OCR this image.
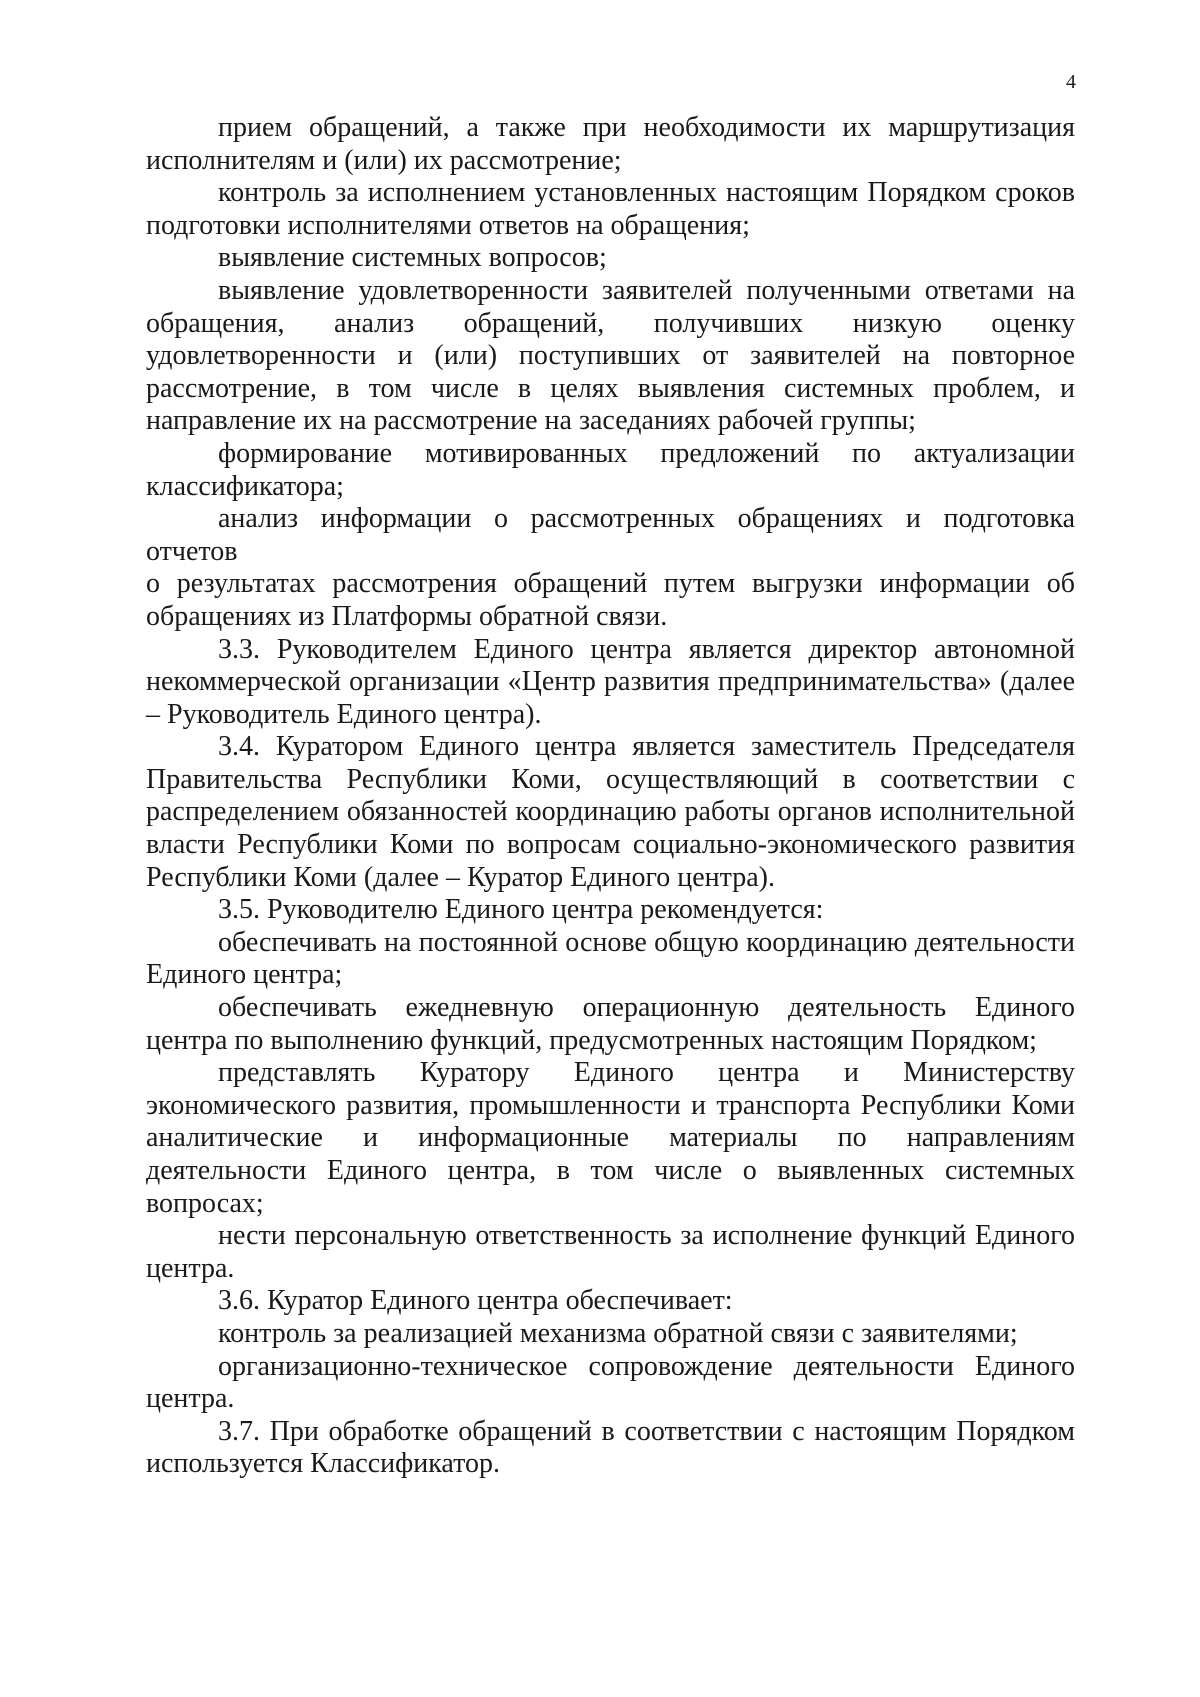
4

прием обращений, а также при необходимости их маршрутизация исполнителям и (или) их рассмотрение;

контроль за исполнением установленных настоящим Порядком сроков подготовки исполнителями ответов на обращения;

выявление системных вопросов;

выявление удовлетворенности заявителей полученными ответами на обращения, анализ обращений, получивших низкую оценку удовлетворенности и (или) поступивших от заявителей на повторное рассмотрение, в том числе в целях выявления системных проблем, и направление их на рассмотрение на заседаниях рабочей группы;

формирование мотивированных предложений по актуализации классификатора;

анализ информации о рассмотренных обращениях и подготовка отчетов

о результатах рассмотрения обращений путем выгрузки информации об обращениях из Платформы обратной связи.

3.3. Руководителем Единого центра является директор автономной некоммерческой организации «Центр развития предпринимательства» (далее – Руководитель Единого центра).

3.4. Куратором Единого центра является заместитель Председателя Правительства Республики Коми, осуществляющий в соответствии с распределением обязанностей координацию работы органов исполнительной власти Республики Коми по вопросам социально-экономического развития Республики Коми (далее – Куратор Единого центра).

3.5. Руководителю Единого центра рекомендуется:

обеспечивать на постоянной основе общую координацию деятельности Единого центра;

обеспечивать ежедневную операционную деятельность Единого центра по выполнению функций, предусмотренных настоящим Порядком;

представлять Куратору Единого центра и Министерству экономического развития, промышленности и транспорта Республики Коми аналитические и информационные материалы по направлениям деятельности Единого центра, в том числе о выявленных системных вопросах;

нести персональную ответственность за исполнение функций Единого центра.

3.6. Куратор Единого центра обеспечивает:

контроль за реализацией механизма обратной связи с заявителями;

организационно-техническое сопровождение деятельности Единого центра.

3.7. При обработке обращений в соответствии с настоящим Порядком используется Классификатор.
